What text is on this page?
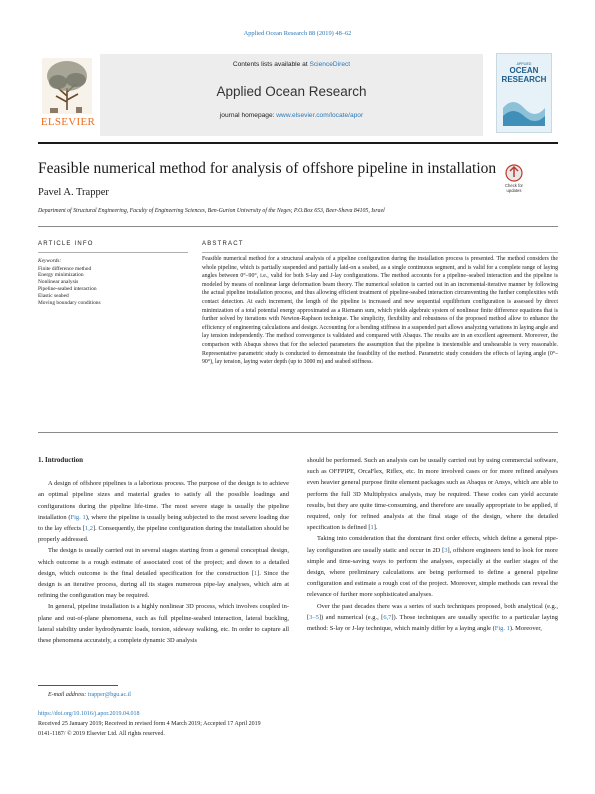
Applied Ocean Research 88 (2019) 48–62
ELSEVIER
Contents lists available at ScienceDirect
Applied Ocean Research
journal homepage: www.elsevier.com/locate/apor
APPLIED
OCEAN
RESEARCH
Feasible numerical method for analysis of offshore pipeline in installation
Check for
updates
Pavel A. Trapper
Department of Structural Engineering, Faculty of Engineering Sciences, Ben-Gurion University of the Negev, P.O.Box 653, Beer-Sheva 84105, Israel
ARTICLE INFO	ABSTRACT
Keywords:
Finite difference method
Energy minimization
Nonlinear analysis
Pipeline-seabed interaction
Elastic seabed
Moving boundary conditions

Feasible numerical method for a structural analysis of a pipeline configuration during the installation process is presented. The method considers the whole pipeline, which is partially suspended and partially laid-on a seabed, as a single continuous segment, and is valid for a complete range of laying angles between 0°–90°, i.e., valid for both S-lay and J-lay configurations. The method accounts for a pipeline–seabed interaction and the pipeline is modeled by means of nonlinear large deformation beam theory. The numerical solution is carried out in an incremental-iterative manner by following the actual pipeline installation process, and thus allowing efficient treatment of pipeline-seabed interaction circumventing the further complexities with contact detection. At each increment, the length of the pipeline is increased and new sequential equilibrium configuration is assessed by direct minimization of a total potential energy approximated as a Riemann sum, which yields algebraic system of nonlinear finite difference equations that is further solved by iterations with Newton-Raphson technique. The simplicity, flexibility and robustness of the proposed method allow to enhance the efficiency of engineering calculations and design. Accounting for a bending stiffness in a suspended part allows analyzing variations in laying angle and lay tension independently. The method convergence is validated and compared with Abaqus. The results are in an excellent agreement. Moreover, the comparison with Abaqus shows that for the selected parameters the assumption that the pipeline is inextensible and unshearable is very reasonable. Representative parametric study is conducted to demonstrate the feasibility of the method. Parametric study considers the effects of laying angle (0°–90°), lay tension, laying water depth (up to 3000 m) and seabed stiffness.

1. Introduction

A design of offshore pipelines is a laborious process. The purpose of the design is to achieve an optimal pipeline sizes and material grades to satisfy all the possible loadings and configurations during the pipeline life-time. The most severe stage is usually the pipeline installation (Fig. 1), where the pipeline is usually being subjected to the most severe loading due to the lay effects [1,2]. Consequently, the pipeline configuration during the installation should be properly addressed.

The design is usually carried out in several stages starting from a general conceptual design, which outcome is a rough estimate of associated cost of the project; and down to a detailed design, which outcome is the final detailed specification for the construction [1]. Since the design is an iterative process, during all its stages numerous pipe-lay analyses, which aim at refining the configuration may be required.

In general, pipeline installation is a highly nonlinear 3D process, which involves coupled in-plane and out-of-plane phenomena, such as full pipeline-seabed interaction, lateral buckling, lateral stability under hydrodynamic loads, torsion, sideway walking, etc. In order to capture all these phenomena accurately, a complete dynamic 3D analysis

should be performed. Such an analysis can be usually carried out by using commercial software, such as OFFPIPE, OrcaFlex, Riflex, etc. In more involved cases or for more refined analyses even heavier general purpose finite element packages such as Abaqus or Ansys, which are able to perform the full 3D Multiphysics analysis, may be required. These codes can yield accurate results, but they are quite time-consuming, and therefore are usually appropriate to be applied, if required, only for refined analysis at the final stage of the design, where the detailed specification is defined [1].

Taking into consideration that the dominant first order effects, which define a general pipe-lay configuration are usually static and occur in 2D [3], offshore engineers tend to look for more simple and time-saving ways to perform the analyses, especially at the earlier stages of the design, where preliminary calculations are being performed to define a general pipeline configuration and estimate a rough cost of the project. Moreover, simple methods can reveal the relevance of further more sophisticated analyses.

Over the past decades there was a series of such techniques proposed, both analytical (e.g., [3–5]) and numerical (e.g., [6,7]). Those techniques are usually specific to a particular laying method: S-lay or J-lay technique, which mainly differ by a laying angle (Fig. 1). Moreover,

E-mail address: trapper@bgu.ac.il
https://doi.org/10.1016/j.apor.2019.04.018
Received 25 January 2019; Received in revised form 4 March 2019; Accepted 17 April 2019
0141-1187/ © 2019 Elsevier Ltd. All rights reserved.
